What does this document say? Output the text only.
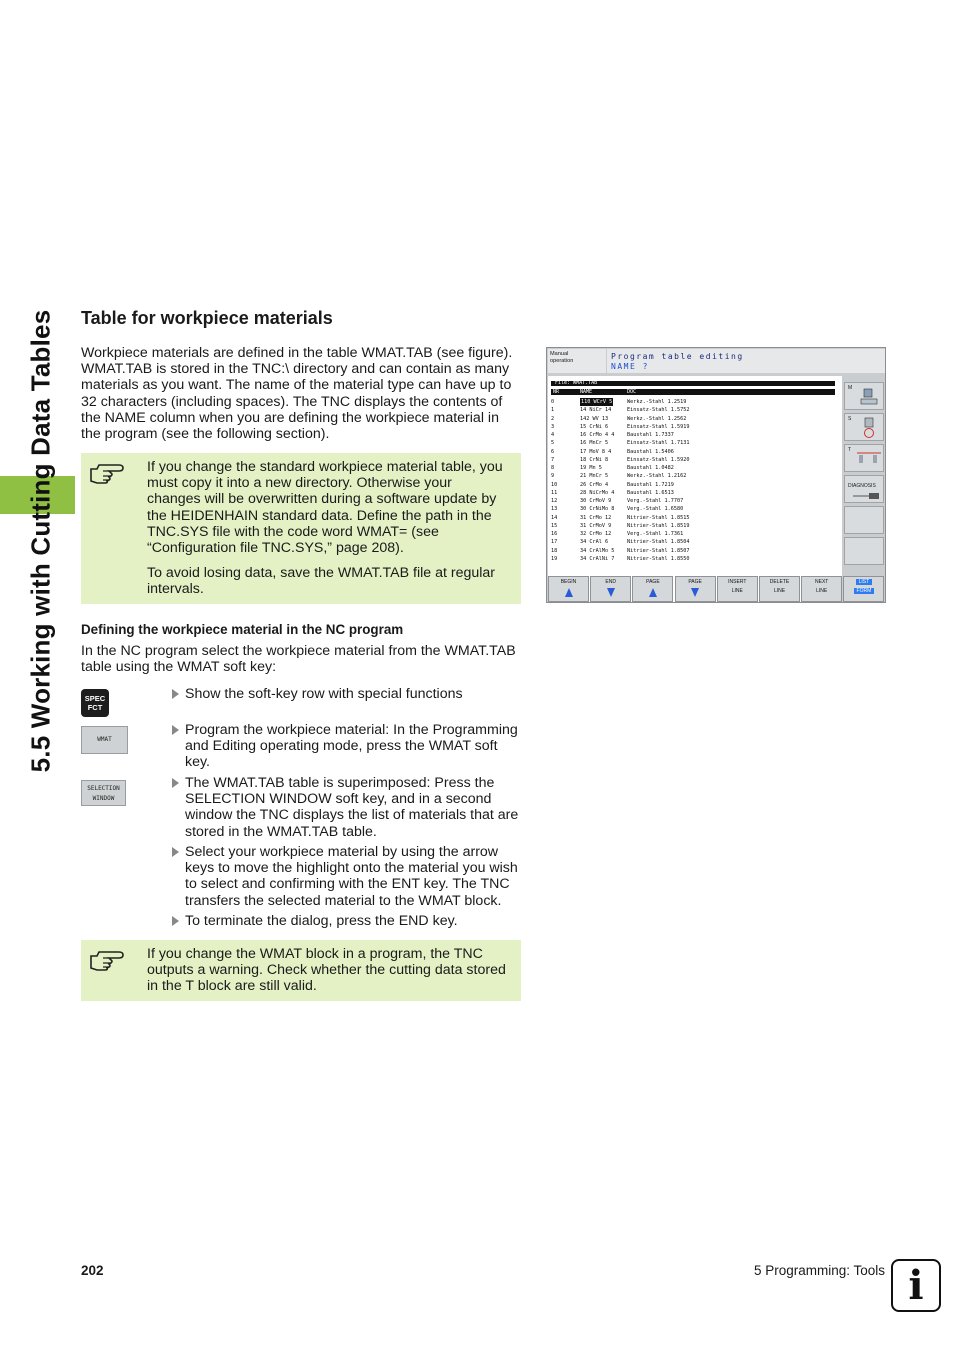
5.5 Working with Cutting Data Tables Table for workpiece materials
Workpiece materials are defined in the table WMAT.TAB (see figure). WMAT.TAB is stored in the TNC:\ directory and can contain as many materials as you want. The name of the material type can have up to 32 characters (including spaces). The TNC displays the contents of the NAME column when you are defining the workpiece material in the program (see the following section).
If you change the standard workpiece material table, you must copy it into a new directory. Otherwise your changes will be overwritten during a software update by the HEIDENHAIN standard data. Define the path in the TNC.SYS file with the code word WMAT= (see “Configuration file TNC.SYS,” page 208).
To avoid losing data, save the WMAT.TAB file at regular intervals.
Defining the workpiece material in the NC program
In the NC program select the workpiece material from the WMAT.TAB table using the WMAT soft key:
SPEC
FCT
WMAT
SELECTION
WINDOW
Show the soft-key row with special functions
Program the workpiece material: In the Programming and Editing operating mode, press the WMAT soft key.
The WMAT.TAB table is superimposed: Press the SELECTION WINDOW soft key, and in a second window the TNC displays the list of materials that are stored in the WMAT.TAB table.
Select your workpiece material by using the arrow keys to move the highlight onto the material you wish to select and confirming with the ENT key. The TNC transfers the selected material to the WMAT block.
To terminate the dialog, press the END key.
If you change the WMAT block in a program, the TNC outputs a warning. Check whether the cutting data stored in the T block are still valid.
Manual
operation	Program table editing
NAME ?
File: WMAT.TAB
NR	NAME	DOC
0	110 WCrV 5	Werkz.-Stahl 1.2519
1	14 NiCr 14	Einsatz-Stahl 1.5752
2	142 WV 13	Werkz.-Stahl 1.2562
3	15 CrNi 6	Einsatz-Stahl 1.5919
4	16 CrMo 4 4 Baustahl 1.7337
5	16 MnCr 5	Einsatz-Stahl 1.7131
6	17 MoV 8 4	Baustahl 1.5406
7	18 CrNi 8	Einsatz-Stahl 1.5920
8	19 Mn 5	Baustahl 1.0482
9	21 MnCr 5	Werkz.-Stahl 1.2162
10	26 CrMo 4	Baustahl 1.7219
11	28 NiCrMo 4 Baustahl 1.6513
12	30 CrMoV 9	Verg.-Stahl 1.7707
13	30 CrNiMo 8 Verg.-Stahl 1.6580
14	31 CrMo 12	Nitrier-Stahl 1.8515
15	31 CrMoV 9	Nitrier-Stahl 1.8519
16	32 CrMo 12	Verg.-Stahl 1.7361
17	34 CrAl 6	Nitrier-Stahl 1.8504
18	34 CrAlMo 5 Nitrier-Stahl 1.8507
19	34 CrAlNi 7 Nitrier-Stahl 1.8550
M
S
T
DIAGNOSIS
BEGIN	END	PAGE	PAGE	INSERT
LINE
DELETE
LINE
NEXT
LINE
LIST
FORM
202	5 Programming: Tools i
